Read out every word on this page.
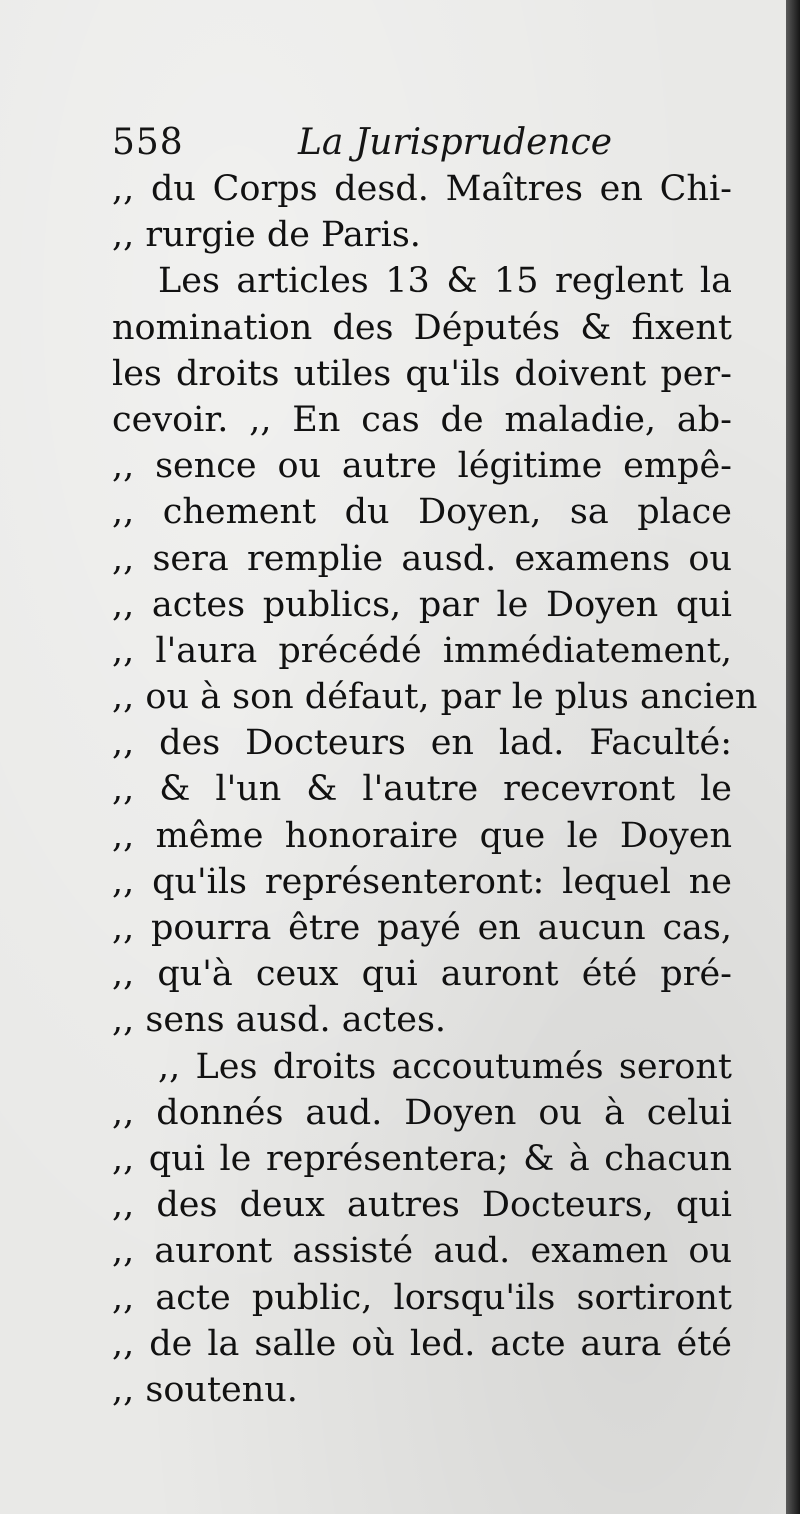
558	La Jurisprudence
,, du Corps desd. Maîtres en Chi-
,, rurgie de Paris.
Les articles 13 & 15 reglent la
nomination des Députés & fixent
les droits utiles qu'ils doivent per-
cevoir. ,, En cas de maladie, ab-
,, sence ou autre légitime empê-
,, chement du Doyen, sa place
,, sera remplie ausd. examens ou
,, actes publics, par le Doyen qui
,, l'aura précédé immédiatement,
,, ou à son défaut, par le plus ancien
,, des Docteurs en lad. Faculté:
,, & l'un & l'autre recevront le
,, même honoraire que le Doyen
,, qu'ils représenteront: lequel ne
,, pourra être payé en aucun cas,
,, qu'à ceux qui auront été pré-
,, sens ausd. actes.
,, Les droits accoutumés seront
,, donnés aud. Doyen ou à celui
,, qui le représentera; & à chacun
,, des deux autres Docteurs, qui
,, auront assisté aud. examen ou
,, acte public, lorsqu'ils sortiront
,, de la salle où led. acte aura été
,, soutenu.
